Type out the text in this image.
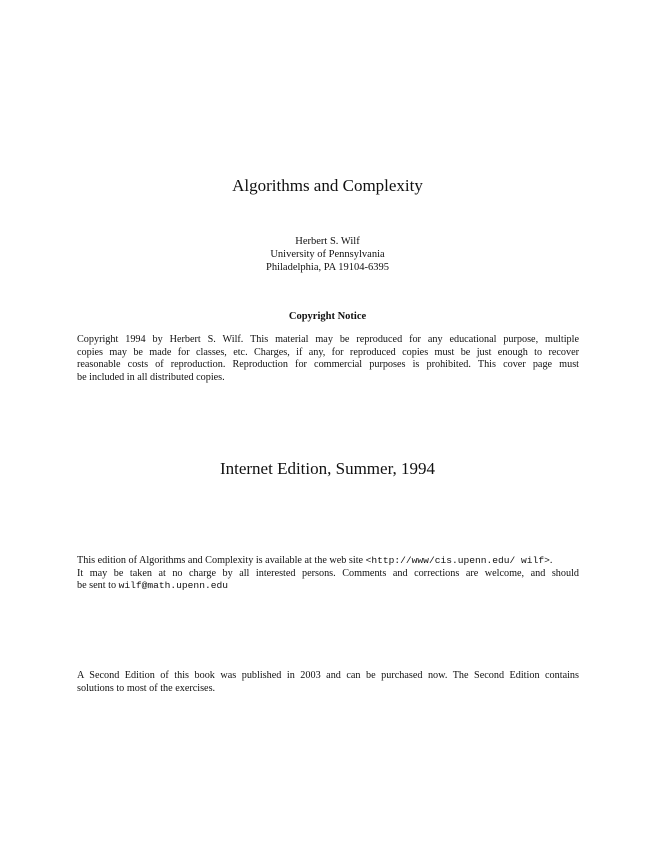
Algorithms and Complexity
Herbert S. Wilf
University of Pennsylvania
Philadelphia, PA 19104-6395
Copyright Notice
Copyright 1994 by Herbert S. Wilf. This material may be reproduced for any educational purpose, multiple
copies may be made for classes, etc. Charges, if any, for reproduced copies must be just enough to recover
reasonable costs of reproduction. Reproduction for commercial purposes is prohibited. This cover page must
be included in all distributed copies.
Internet Edition, Summer, 1994
This edition of Algorithms and Complexity is available at the web site <http://www/cis.upenn.edu/ wilf>.
It may be taken at no charge by all interested persons. Comments and corrections are welcome, and should
be sent to wilf@math.upenn.edu
A Second Edition of this book was published in 2003 and can be purchased now. The Second Edition contains
solutions to most of the exercises.
